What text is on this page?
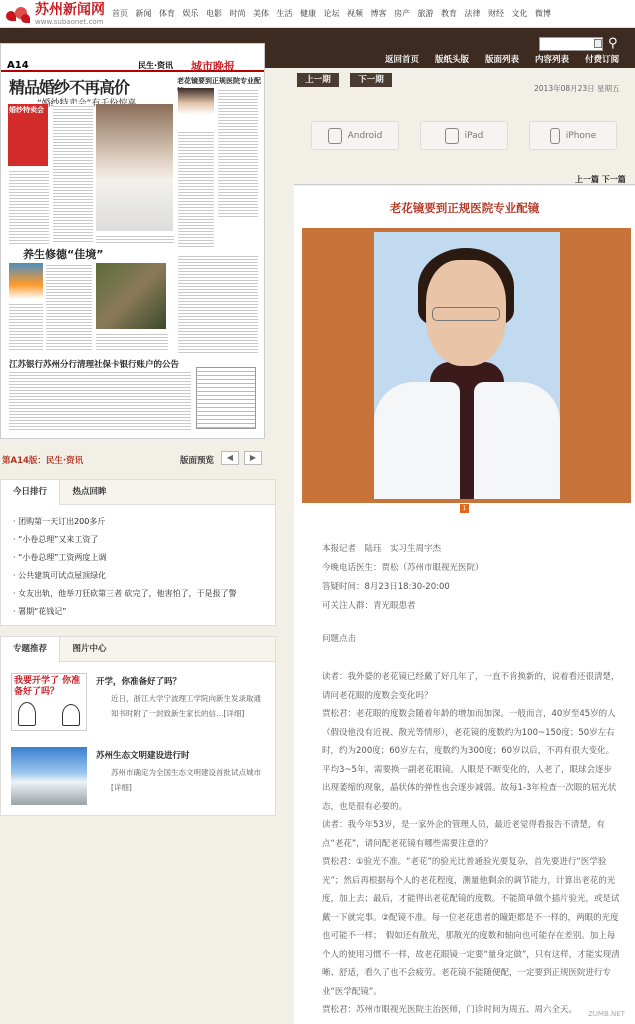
苏州新闻网
www.subaonet.com
首页 新闻 体育 娱乐 电影 时尚 美体 生活 健康 论坛 视频 博客 房产 旅游 教育 法律 财经 文化 微博
⚲
返回首页 版纸头版 版面列表 内容列表 付费订阅
A14	民生·资讯 城市晚报
精品婚纱不再高价
婚纱特卖会
老花镜要到正规医院专业配
养生修德“佳境”
江苏银行苏州分行清理社保卡银行账户的公告
第A14版：民生·资讯	版面预览	◀	▶
今日排行	热点回眸
· 团购第一天订出200多斤
· “小卷总理”又来工资了
· “小卷总理”工资两度上调
· 公共建筑可试点屋顶绿化
· 女友出轨，他举刀狂砍第三者 砍完了，他害怕了，于是报了警
· 署期“花钱记”
专题推荐	图片中心
我要开学了 你准备好了吗？
开学，你准备好了吗？
近日，浙江大学宁波理工学院向新生发录取通知书时附了一封致新生家长的信…[详细]
苏州生态文明建设进行时
苏州市确定为全国生态文明建设首批试点城市[详细]
上一期	下一期
2013年08月23日 星期五
Android	iPad	iPhone
上一篇 下一篇
老花镜要到正规医院专业配镜
1
本报记者　陆珏　实习生周宇杰
今晚电话医生：贾松（苏州市眼视光医院）
答疑时间：8月23日18:30-20:00
可关注人群：青光眼患者
问题点击
读者：我外婆的老花镜已经戴了好几年了，一直不肯换新的，说着看还很清楚，请问老花眼的度数会变化吗？
贾松君：老花眼的度数会随着年龄的增加而加深。一般而言，40岁至45岁的人（假设他没有近视、散光等情形），老花镜的度数约为100~150度；50岁左右时，约为200度；60岁左右，度数约为300度；60岁以后，不再有很大变化。平均3~5年，需要换一副老花眼镜。人眼是不断变化的，人老了，眼球会逐步出现萎缩的现象，晶状体的弹性也会逐步减弱。故每1-3年检查一次眼的屈光状态，也是很有必要的。
读者：我今年53岁，是一家外企的管理人员，最近老觉得看报告不清楚，有点“老花”，请问配老花镜有哪些需要注意的？
贾松君：①验光不准。“老花”的验光比普通验光要复杂，首先要进行“医学验光”；然后再根据每个人的老花程度，测量他剩余的调节能力，计算出老花的光度，加上去；最后，才能得出老花配镜的度数。不能简单做个插片验光，或是试戴一下就完事。②配镜不准。每一位老花患者的瞳距都是不一样的，两眼的光度也可能不一样；　假如还有散光，那散光的度数和轴向也可能存在差别。加上每个人的使用习惯不一样，故老花眼镜一定要“量身定做”，只有这样，才能实现清晰、舒适，看久了也不会疲劳。老花镜不能随便配，一定要到正规医院进行专业“医学配镜”。
贾松君：苏州市眼视光医院主治医师，门诊时间为周五、周六全天。	ZUMB.NET
